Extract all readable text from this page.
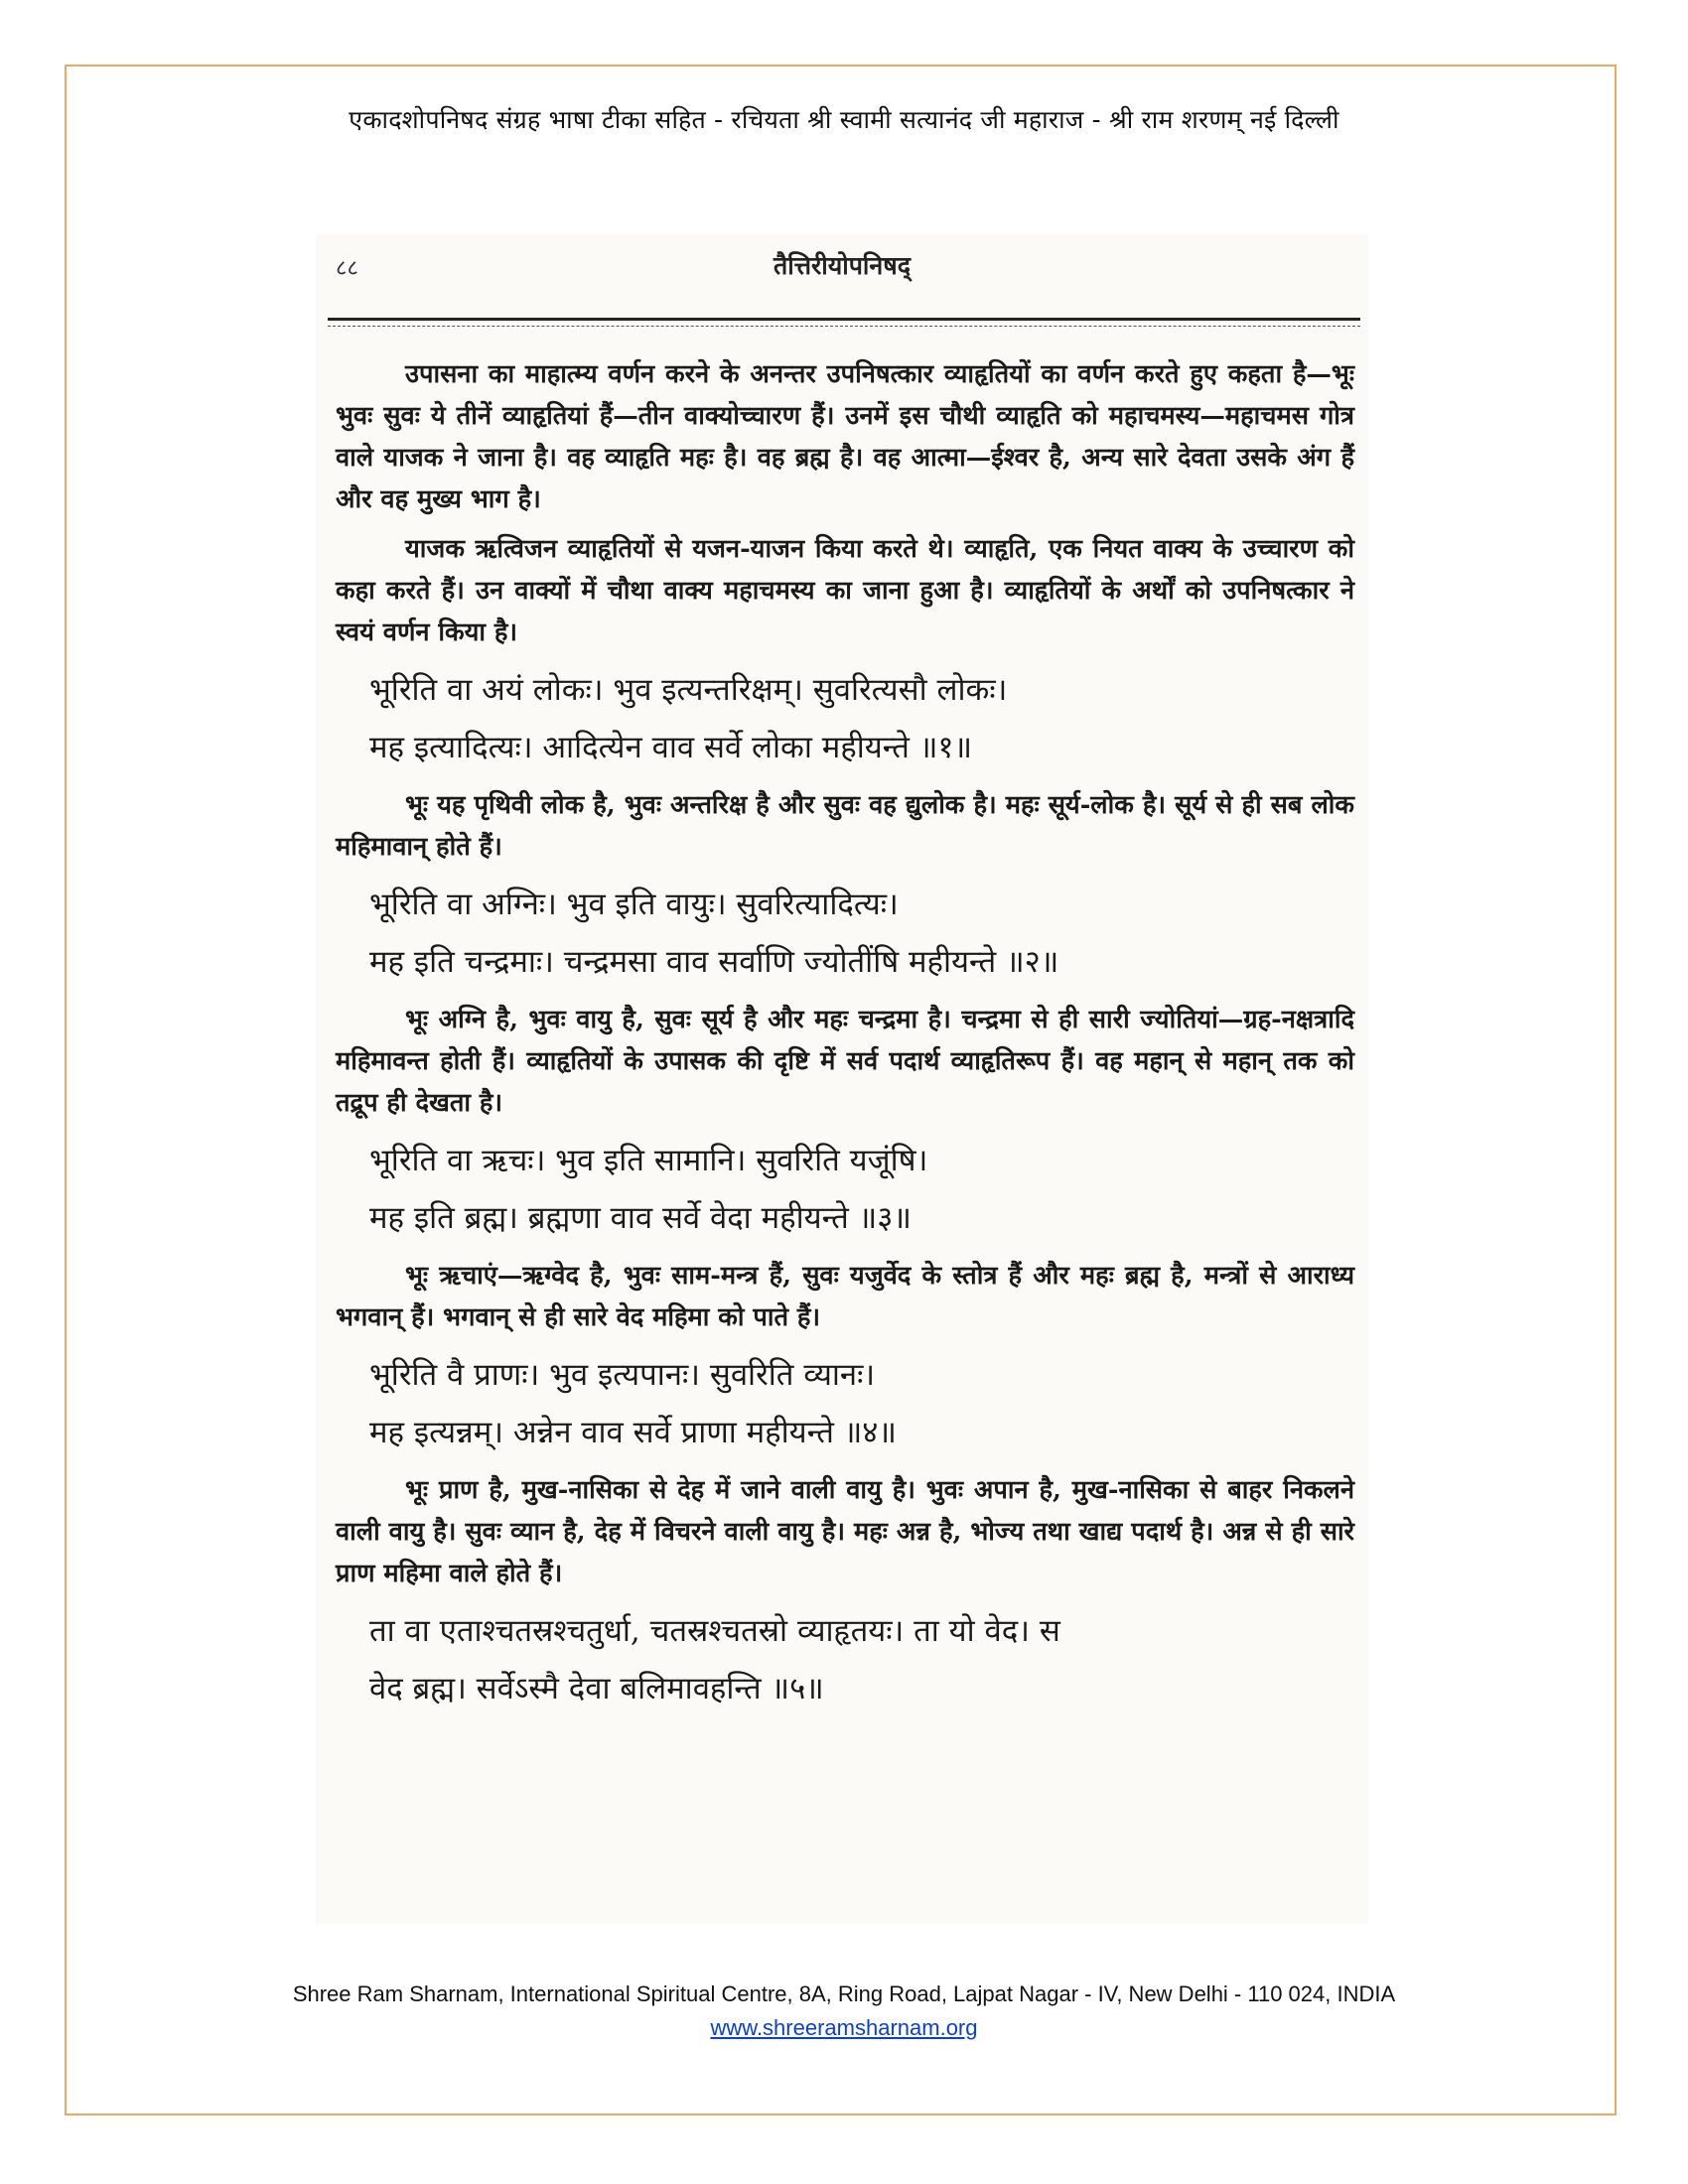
एकादशोपनिषद संग्रह भाषा टीका सहित - रचियता श्री स्वामी सत्यानंद जी महाराज - श्री राम शरणम् नई दिल्ली
८८	तैत्तिरीयोपनिषद्

उपासना का माहात्म्य वर्णन करने के अनन्तर उपनिषत्कार व्याहृतियों का वर्णन करते हुए कहता है—भूः भुवः सुवः ये तीनें व्याहृतियां हैं—तीन वाक्योच्चारण हैं। उनमें इस चौथी व्याहृति को महाचमस्य—महाचमस गोत्र वाले याजक ने जाना है। वह व्याहृति महः है। वह ब्रह्म है। वह आत्मा—ईश्वर है, अन्य सारे देवता उसके अंग हैं और वह मुख्य भाग है।

याजक ऋत्विजन व्याहृतियों से यजन-याजन किया करते थे। व्याहृति, एक नियत वाक्य के उच्चारण को कहा करते हैं। उन वाक्यों में चौथा वाक्य महाचमस्य का जाना हुआ है। व्याहृतियों के अर्थों को उपनिषत्कार ने स्वयं वर्णन किया है।

भूरिति वा अयं लोकः। भुव इत्यन्तरिक्षम्। सुवरित्यसौ लोकः।
मह इत्यादित्यः। आदित्येन वाव सर्वे लोका महीयन्ते ॥१॥

भूः यह पृथिवी लोक है, भुवः अन्तरिक्ष है और सुवः वह द्युलोक है। महः सूर्य-लोक है। सूर्य से ही सब लोक महिमावान् होते हैं।

भूरिति वा अग्निः। भुव इति वायुः। सुवरित्यादित्यः।
मह इति चन्द्रमाः। चन्द्रमसा वाव सर्वाणि ज्योतींषि महीयन्ते ॥२॥

भूः अग्नि है, भुवः वायु है, सुवः सूर्य है और महः चन्द्रमा है। चन्द्रमा से ही सारी ज्योतियां—ग्रह-नक्षत्रादि महिमावन्त होती हैं। व्याहृतियों के उपासक की दृष्टि में सर्व पदार्थ व्याहृतिरूप हैं। वह महान् से महान् तक को तद्रूप ही देखता है।

भूरिति वा ऋचः। भुव इति सामानि। सुवरिति यजूंषि।
मह इति ब्रह्म। ब्रह्मणा वाव सर्वे वेदा महीयन्ते ॥३॥

भूः ऋचाएं—ऋग्वेद है, भुवः साम-मन्त्र हैं, सुवः यजुर्वेद के स्तोत्र हैं और महः ब्रह्म है, मन्त्रों से आराध्य भगवान् हैं। भगवान् से ही सारे वेद महिमा को पाते हैं।

भूरिति वै प्राणः। भुव इत्यपानः। सुवरिति व्यानः।
मह इत्यन्नम्। अन्नेन वाव सर्वे प्राणा महीयन्ते ॥४॥

भूः प्राण है, मुख-नासिका से देह में जाने वाली वायु है। भुवः अपान है, मुख-नासिका से बाहर निकलने वाली वायु है। सुवः व्यान है, देह में विचरने वाली वायु है। महः अन्न है, भोज्य तथा खाद्य पदार्थ है। अन्न से ही सारे प्राण महिमा वाले होते हैं।

ता वा एताश्चतस्रश्चतुर्धा, चतस्रश्चतस्रो व्याहृतयः। ता यो वेद। स
वेद ब्रह्म। सर्वेऽस्मै देवा बलिमावहन्ति ॥५॥
Shree Ram Sharnam, International Spiritual Centre, 8A, Ring Road, Lajpat Nagar - IV, New Delhi - 110 024, INDIA
www.shreeramsharnam.org
